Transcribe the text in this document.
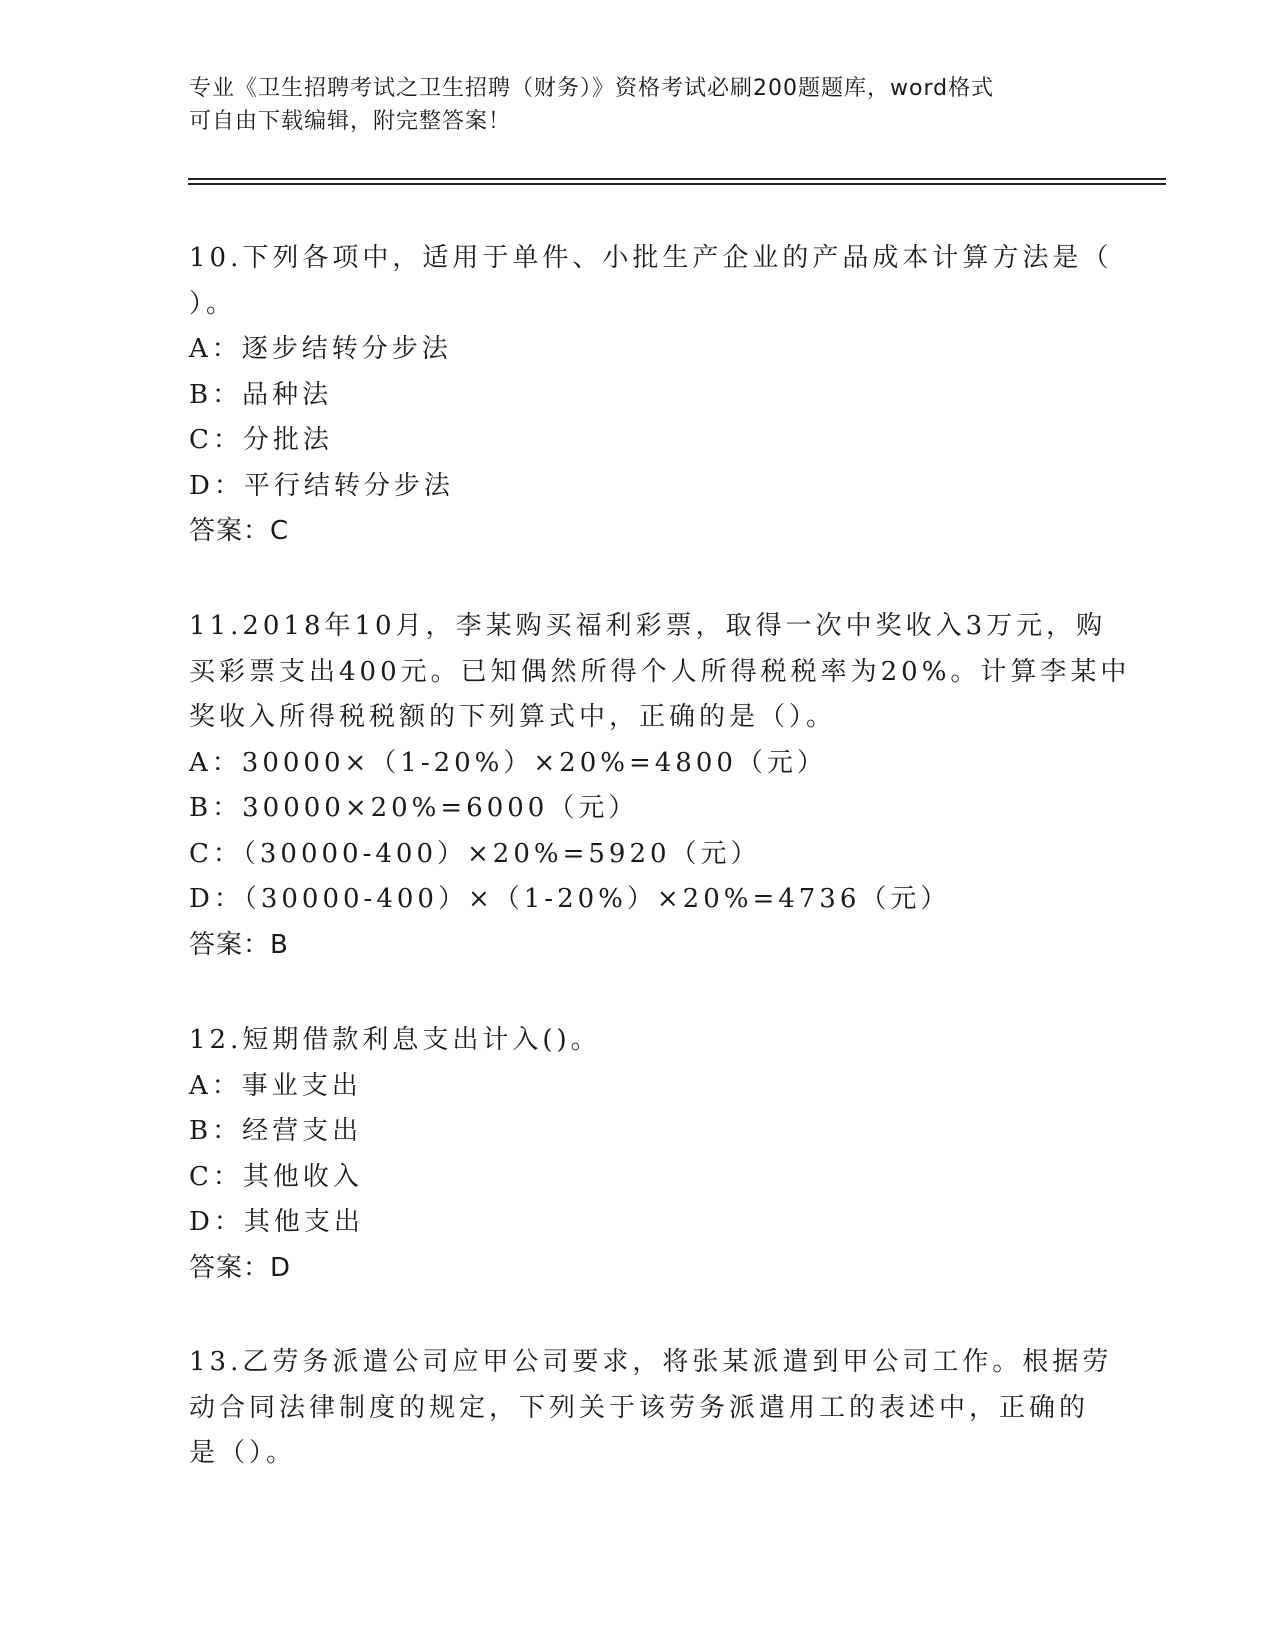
专业《卫生招聘考试之卫生招聘（财务）》资格考试必刷200题题库，word格式
可自由下载编辑，附完整答案！
10.下列各项中，适用于单件、小批生产企业的产品成本计算方法是（
）。
A：逐步结转分步法
B：品种法
C：分批法
D：平行结转分步法
答案：C
11.2018年10月，李某购买福利彩票，取得一次中奖收入3万元，购
买彩票支出400元。已知偶然所得个人所得税税率为20%。计算李某中
奖收入所得税税额的下列算式中，正确的是（）。
A：30000×（1-20%）×20%=4800（元）
B：30000×20%=6000（元）
C：（30000-400）×20%=5920（元）
D：（30000-400）×（1-20%）×20%=4736（元）
答案：B
12.短期借款利息支出计入()。
A：事业支出
B：经营支出
C：其他收入
D：其他支出
答案：D
13.乙劳务派遣公司应甲公司要求，将张某派遣到甲公司工作。根据劳
动合同法律制度的规定，下列关于该劳务派遣用工的表述中，正确的
是（）。
